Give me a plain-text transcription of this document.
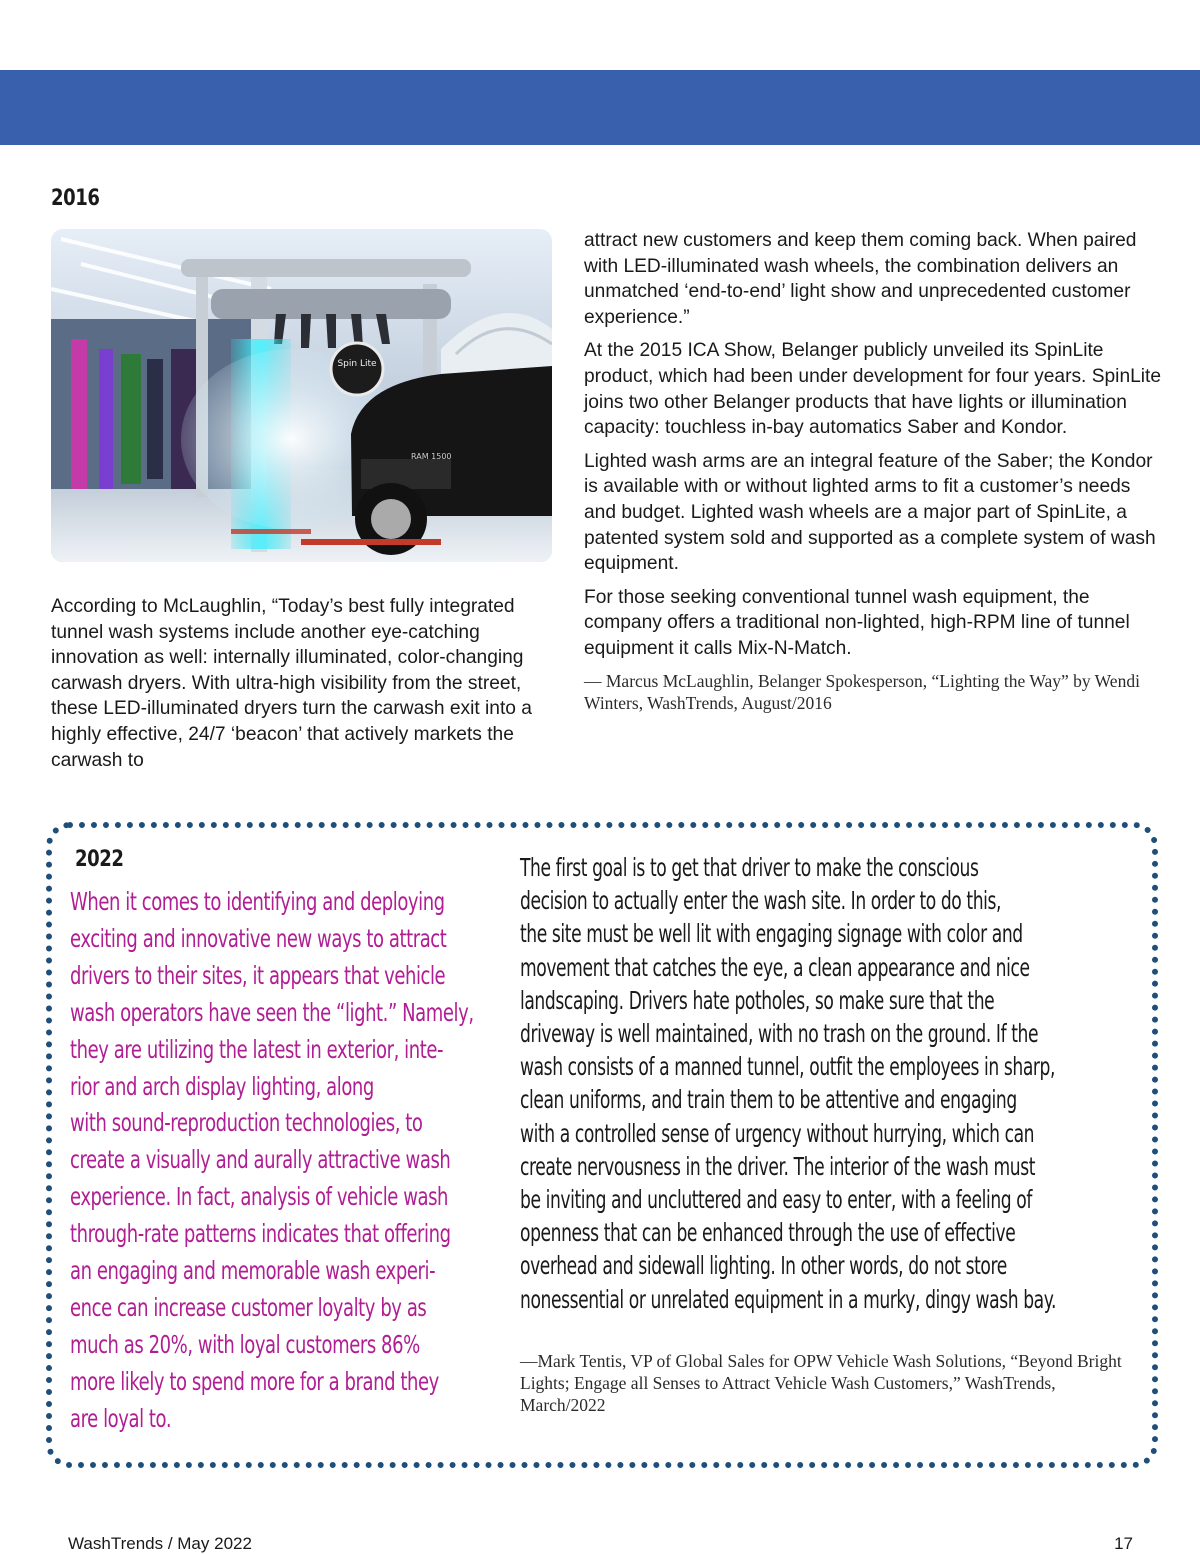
2016
Spin Lite
RAM 1500

According to McLaughlin, “Today’s best fully integrated tunnel wash systems include another eye-catching innovation as well: internally illuminated, color-changing carwash dryers. With ultra-high visibility from the street, these LED-illuminated dryers turn the carwash exit into a highly effective, 24/7 ‘beacon’ that actively markets the carwash to

attract new customers and keep them coming back. When paired with LED-illuminated wash wheels, the combination delivers an unmatched ‘end-to-end’ light show and unprecedented customer experience.”

At the 2015 ICA Show, Belanger publicly unveiled its SpinLite product, which had been under development for four years. SpinLite joins two other Belanger products that have lights or illumination capacity: touchless in-bay automatics Saber and Kondor.

Lighted wash arms are an integral feature of the Saber; the Kondor is available with or without lighted arms to fit a customer’s needs and budget. Lighted wash wheels are a major part of SpinLite, a patented system sold and supported as a complete system of wash equipment.

For those seeking conventional tunnel wash equipment, the company offers a traditional non-lighted, high-RPM line of tunnel equipment it calls Mix-N-Match.

— Marcus McLaughlin, Belanger Spokesperson, “Lighting the Way” by Wendi Winters, WashTrends, August/2016
2022
When it comes to identifying and deploying
exciting and innovative new ways to attract
drivers to their sites, it appears that vehicle
wash operators have seen the “light.” Namely,
they are utilizing the latest in exterior, inte-
rior and arch display lighting, along
with sound-reproduction technologies, to
create a visually and aurally attractive wash
experience. In fact, analysis of vehicle wash
through-rate patterns indicates that offering
an engaging and memorable wash experi-
ence can increase customer loyalty by as
much as 20%, with loyal customers 86%
more likely to spend more for a brand they
are loyal to.
The first goal is to get that driver to make the conscious
decision to actually enter the wash site. In order to do this,
the site must be well lit with engaging signage with color and
movement that catches the eye, a clean appearance and nice
landscaping. Drivers hate potholes, so make sure that the
driveway is well maintained, with no trash on the ground. If the
wash consists of a manned tunnel, outfit the employees in sharp,
clean uniforms, and train them to be attentive and engaging
with a controlled sense of urgency without hurrying, which can
create nervousness in the driver. The interior of the wash must
be inviting and uncluttered and easy to enter, with a feeling of
openness that can be enhanced through the use of effective
overhead and sidewall lighting. In other words, do not store
nonessential or unrelated equipment in a murky, dingy wash bay.
—Mark Tentis, VP of Global Sales for OPW Vehicle Wash Solutions, “Beyond Bright Lights; Engage all Senses to Attract Vehicle Wash Customers,” WashTrends, March/2022
WashTrends / May 2022	17
